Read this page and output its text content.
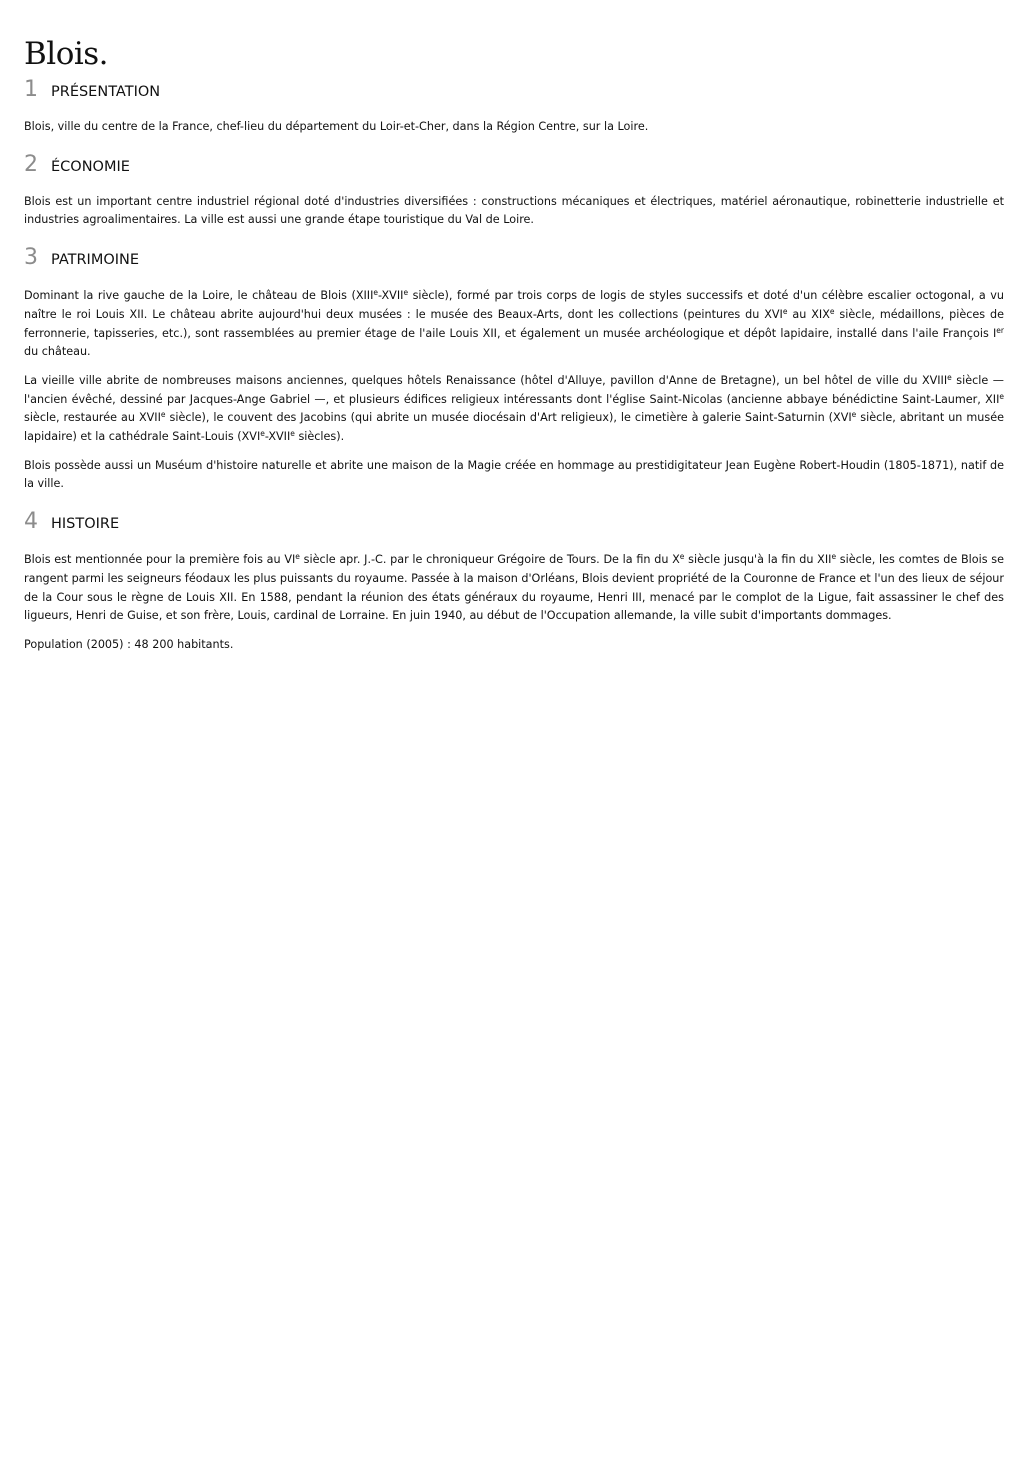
Blois.
1 PRÉSENTATION

Blois, ville du centre de la France, chef-lieu du département du Loir-et-Cher, dans la Région Centre, sur la Loire.

2 ÉCONOMIE

Blois est un important centre industriel régional doté d'industries diversifiées : constructions mécaniques et électriques, matériel aéronautique, robinetterie industrielle et industries agroalimentaires. La ville est aussi une grande étape touristique du Val de Loire.

3 PATRIMOINE

Dominant la rive gauche de la Loire, le château de Blois (XIIIe-XVIIe siècle), formé par trois corps de logis de styles successifs et doté d'un célèbre escalier octogonal, a vu naître le roi Louis XII. Le château abrite aujourd'hui deux musées : le musée des Beaux-Arts, dont les collections (peintures du XVIe au XIXe siècle, médaillons, pièces de ferronnerie, tapisseries, etc.), sont rassemblées au premier étage de l'aile Louis XII, et également un musée archéologique et dépôt lapidaire, installé dans l'aile François Ier du château.

La vieille ville abrite de nombreuses maisons anciennes, quelques hôtels Renaissance (hôtel d'Alluye, pavillon d'Anne de Bretagne), un bel hôtel de ville du XVIIIe siècle — l'ancien évêché, dessiné par Jacques-Ange Gabriel —, et plusieurs édifices religieux intéressants dont l'église Saint-Nicolas (ancienne abbaye bénédictine Saint-Laumer, XIIe siècle, restaurée au XVIIe siècle), le couvent des Jacobins (qui abrite un musée diocésain d'Art religieux), le cimetière à galerie Saint-Saturnin (XVIe siècle, abritant un musée lapidaire) et la cathédrale Saint-Louis (XVIe-XVIIe siècles).

Blois possède aussi un Muséum d'histoire naturelle et abrite une maison de la Magie créée en hommage au prestidigitateur Jean Eugène Robert-Houdin (1805-1871), natif de la ville.

4 HISTOIRE

Blois est mentionnée pour la première fois au VIe siècle apr. J.-C. par le chroniqueur Grégoire de Tours. De la fin du Xe siècle jusqu'à la fin du XIIe siècle, les comtes de Blois se rangent parmi les seigneurs féodaux les plus puissants du royaume. Passée à la maison d'Orléans, Blois devient propriété de la Couronne de France et l'un des lieux de séjour de la Cour sous le règne de Louis XII. En 1588, pendant la réunion des états généraux du royaume, Henri III, menacé par le complot de la Ligue, fait assassiner le chef des ligueurs, Henri de Guise, et son frère, Louis, cardinal de Lorraine. En juin 1940, au début de l'Occupation allemande, la ville subit d'importants dommages.

Population (2005) : 48 200 habitants.
